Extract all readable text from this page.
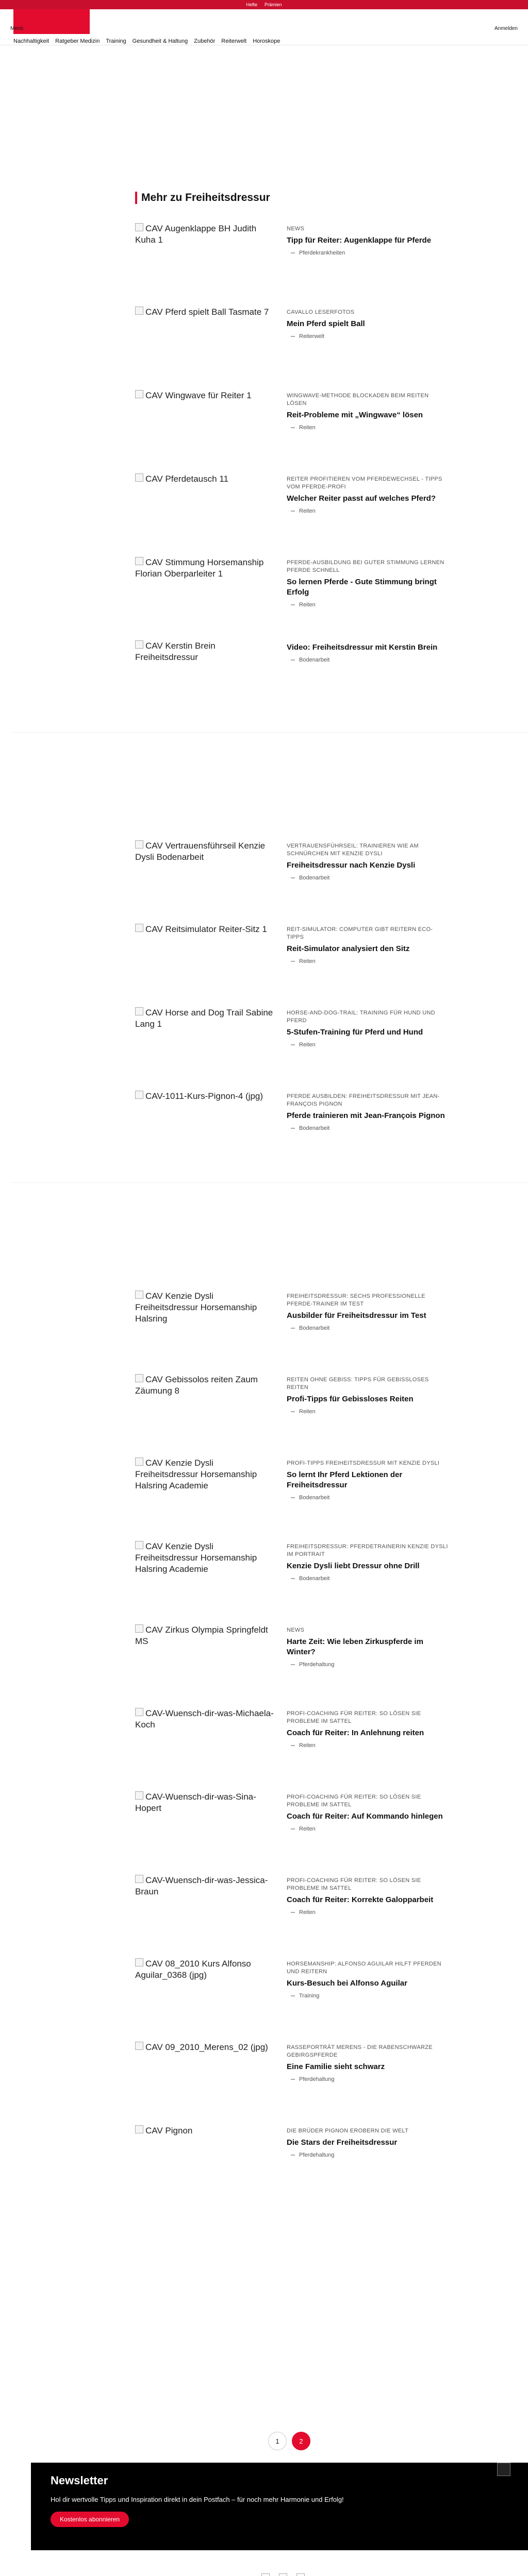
Hefte Prämien
Menü	Anmelden
Nachhaltigkeit Ratgeber Medizin Training Gesundheit & Haltung Zubehör Reiterwelt Horoskope
Mehr zu Freiheitsdressur
CAV Augenklappe BH Judith Kuha 1
NEWS
Tipp für Reiter: Augenklappe für Pferde
Pferdekrankheiten
CAV Pferd spielt Ball Tasmate 7	CAVALLO LESERFOTOS
Mein Pferd spielt Ball
Reiterwelt
CAV Wingwave für Reiter 1	WINGWAVE-METHODE BLOCKADEN BEIM REITEN LÖSEN
Reit-Probleme mit „Wingwave“ lösen
Reiten
CAV Pferdetausch 11	REITER PROFITIEREN VOM PFERDEWECHSEL - TIPPS VOM PFERDE-PROFI
Welcher Reiter passt auf welches Pferd?
Reiten
CAV Stimmung Horsemanship Florian Oberparleiter 1
PFERDE-AUSBILDUNG BEI GUTER STIMMUNG LERNEN PFERDE SCHNELL
So lernen Pferde - Gute Stimmung bringt Erfolg
Reiten
CAV Kerstin Brein Freiheitsdressur
Video: Freiheitsdressur mit Kerstin Brein
Bodenarbeit
CAV Vertrauensführseil Kenzie Dysli Bodenarbeit
VERTRAUENSFÜHRSEIL: TRAINIEREN WIE AM SCHNÜRCHEN MIT KENZIE DYSLI
Freiheitsdressur nach Kenzie Dysli
Bodenarbeit
CAV Reitsimulator Reiter-Sitz 1	REIT-SIMULATOR: COMPUTER GIBT REITERN ECO-TIPPS
Reit-Simulator analysiert den Sitz
Reiten
CAV Horse and Dog Trail Sabine Lang 1
HORSE-AND-DOG-TRAIL: TRAINING FÜR HUND UND PFERD
5-Stufen-Training für Pferd und Hund
Reiten
CAV-1011-Kurs-Pignon-4 (jpg)	PFERDE AUSBILDEN: FREIHEITSDRESSUR MIT JEAN-FRANÇOIS PIGNON
Pferde trainieren mit Jean-François Pignon
Bodenarbeit
CAV Kenzie Dysli Freiheitsdressur Horsemanship Halsring
FREIHEITSDRESSUR: SECHS PROFESSIONELLE PFERDE-TRAINER IM TEST
Ausbilder für Freiheitsdressur im Test
Bodenarbeit
CAV Gebissolos reiten Zaum Zäumung 8
REITEN OHNE GEBISS: TIPPS FÜR GEBISSLOSES REITEN
Profi-Tipps für Gebissloses Reiten
Reiten
CAV Kenzie Dysli Freiheitsdressur Horsemanship Halsring Academie
PROFI-TIPPS FREIHEITSDRESSUR MIT KENZIE DYSLI
So lernt Ihr Pferd Lektionen der Freiheitsdressur
Bodenarbeit
CAV Kenzie Dysli Freiheitsdressur Horsemanship Halsring Academie
FREIHEITSDRESSUR: PFERDETRAINERIN KENZIE DYSLI IM PORTRAIT
Kenzie Dysli liebt Dressur ohne Drill
Bodenarbeit
CAV Zirkus Olympia Springfeldt MS
NEWS
Harte Zeit: Wie leben Zirkuspferde im Winter?
Pferdehaltung
CAV-Wuensch-dir-was-Michaela-Koch
PROFI-COACHING FÜR REITER: SO LÖSEN SIE PROBLEME IM SATTEL
Coach für Reiter: In Anlehnung reiten
Reiten
CAV-Wuensch-dir-was-Sina-Hopert
PROFI-COACHING FÜR REITER: SO LÖSEN SIE PROBLEME IM SATTEL
Coach für Reiter: Auf Kommando hinlegen
Reiten
CAV-Wuensch-dir-was-Jessica-Braun
PROFI-COACHING FÜR REITER: SO LÖSEN SIE PROBLEME IM SATTEL
Coach für Reiter: Korrekte Galopparbeit
Reiten
CAV 08_2010 Kurs Alfonso Aguilar_0368 (jpg)
HORSEMANSHIP: ALFONSO AGUILAR HILFT PFERDEN UND REITERN
Kurs-Besuch bei Alfonso Aguilar
Training
CAV 09_2010_Merens_02 (jpg)	RASSEPORTRÄT MERENS - DIE RABENSCHWARZE GEBIRGSPFERDE
Eine Familie sieht schwarz
Pferdehaltung
CAV Pignon	DIE BRÜDER PIGNON EROBERN DIE WELT
Die Stars der Freiheitsdressur
Pferdehaltung
1	2
Newsletter

Hol dir wertvolle Tipps und Inspiration direkt in dein Postfach – für noch mehr Harmonie und Erfolg!

Kostenlos abonnieren
